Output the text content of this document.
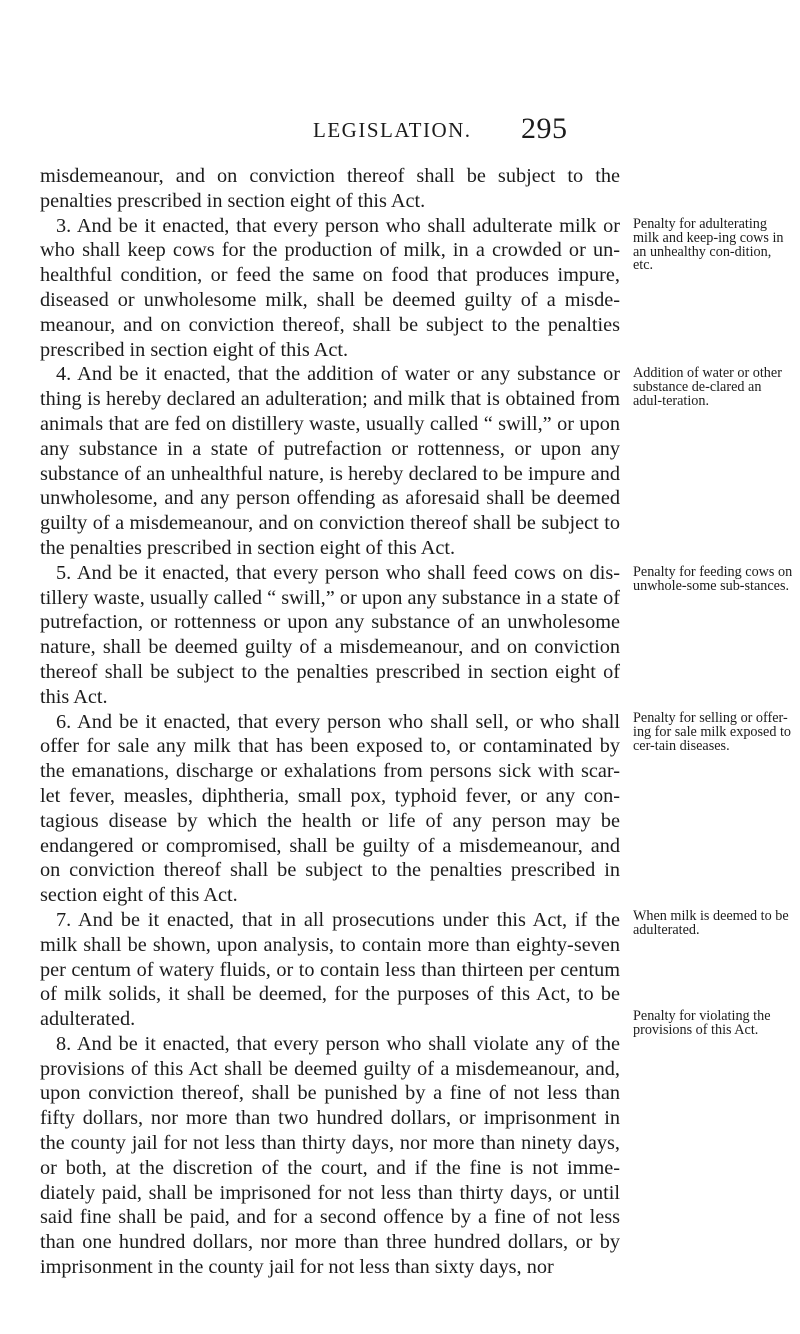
LEGISLATION. 295

misdemeanour, and on conviction thereof shall be subject to the penalties prescribed in section eight of this Act.

3. And be it enacted, that every person who shall adulterate milk or who shall keep cows for the production of milk, in a crowded or un-healthful condition, or feed the same on food that produces impure, diseased or unwholesome milk, shall be deemed guilty of a misde-meanour, and on conviction thereof, shall be subject to the penalties prescribed in section eight of this Act.

4. And be it enacted, that the addition of water or any substance or thing is hereby declared an adulteration; and milk that is obtained from animals that are fed on distillery waste, usually called “ swill,” or upon any substance in a state of putrefaction or rottenness, or upon any substance of an unhealthful nature, is hereby declared to be impure and unwholesome, and any person offending as aforesaid shall be deemed guilty of a misdemeanour, and on conviction thereof shall be subject to the penalties prescribed in section eight of this Act.

5. And be it enacted, that every person who shall feed cows on dis-tillery waste, usually called “ swill,” or upon any substance in a state of putrefaction, or rottenness or upon any substance of an unwholesome nature, shall be deemed guilty of a misdemeanour, and on conviction thereof shall be subject to the penalties prescribed in section eight of this Act.

6. And be it enacted, that every person who shall sell, or who shall offer for sale any milk that has been exposed to, or contaminated by the emanations, discharge or exhalations from persons sick with scar-let fever, measles, diphtheria, small pox, typhoid fever, or any con-tagious disease by which the health or life of any person may be endangered or compromised, shall be guilty of a misdemeanour, and on conviction thereof shall be subject to the penalties prescribed in section eight of this Act.

7. And be it enacted, that in all prosecutions under this Act, if the milk shall be shown, upon analysis, to contain more than eighty-seven per centum of watery fluids, or to contain less than thirteen per centum of milk solids, it shall be deemed, for the purposes of this Act, to be adulterated.

8. And be it enacted, that every person who shall violate any of the provisions of this Act shall be deemed guilty of a misdemeanour, and, upon conviction thereof, shall be punished by a fine of not less than fifty dollars, nor more than two hundred dollars, or imprisonment in the county jail for not less than thirty days, nor more than ninety days, or both, at the discretion of the court, and if the fine is not imme-diately paid, shall be imprisoned for not less than thirty days, or until said fine shall be paid, and for a second offence by a fine of not less than one hundred dollars, nor more than three hundred dollars, or by imprisonment in the county jail for not less than sixty days, nor

Penalty for adulterating milk and keep-ing cows in an unhealthy con-dition, etc.
Addition of water or other substance de-clared an adul-teration.
Penalty for feeding cows on unwhole-some sub-stances.
Penalty for selling or offer-ing for sale milk exposed to cer-tain diseases.
When milk is deemed to be adulterated.
Penalty for violating the provisions of this Act.
